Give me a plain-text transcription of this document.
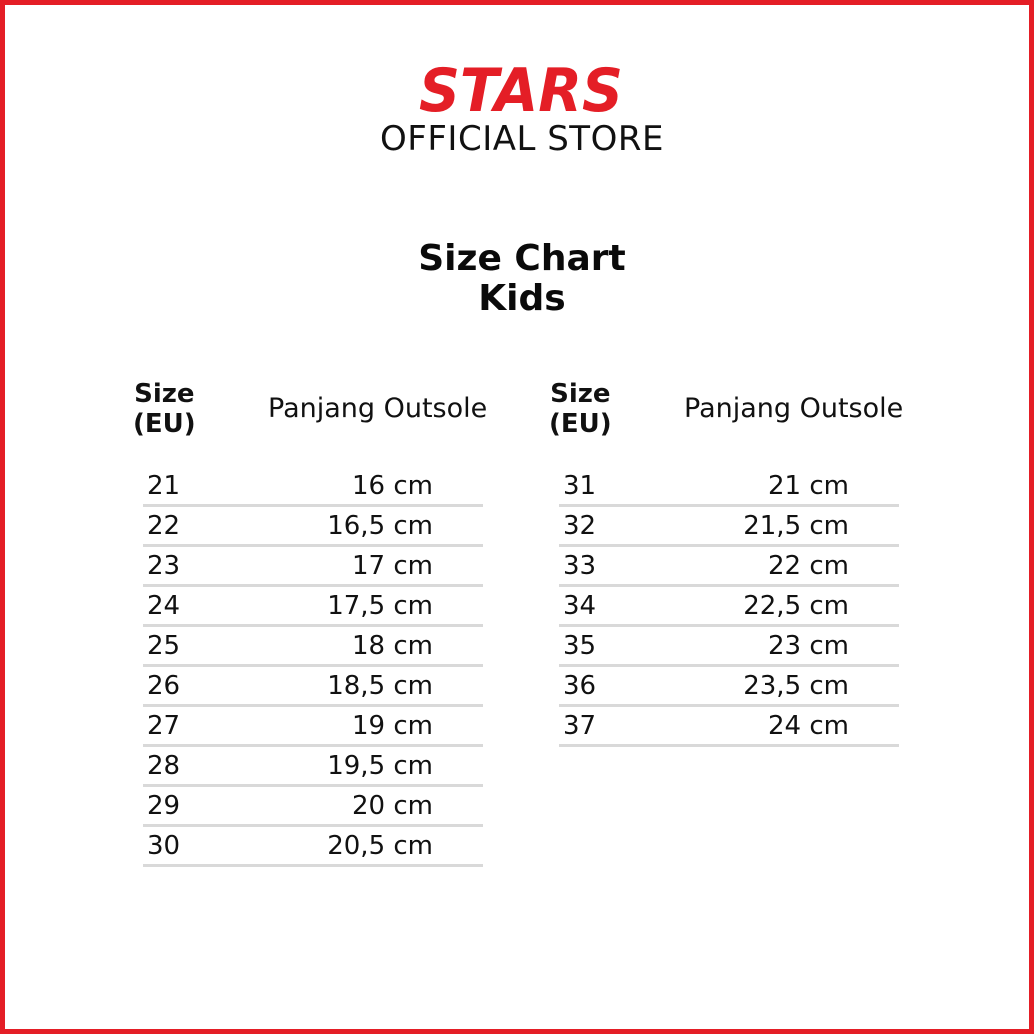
STARS
OFFICIAL STORE
Size Chart
Kids
Size
(EU)	Panjang Outsole
21	16 cm
22	16,5 cm
23	17 cm
24	17,5 cm
25	18 cm
26	18,5 cm
27	19 cm
28	19,5 cm
29	20 cm
30	20,5 cm
Size
(EU)	Panjang Outsole
31	21 cm
32	21,5 cm
33	22 cm
34	22,5 cm
35	23 cm
36	23,5 cm
37	24 cm
